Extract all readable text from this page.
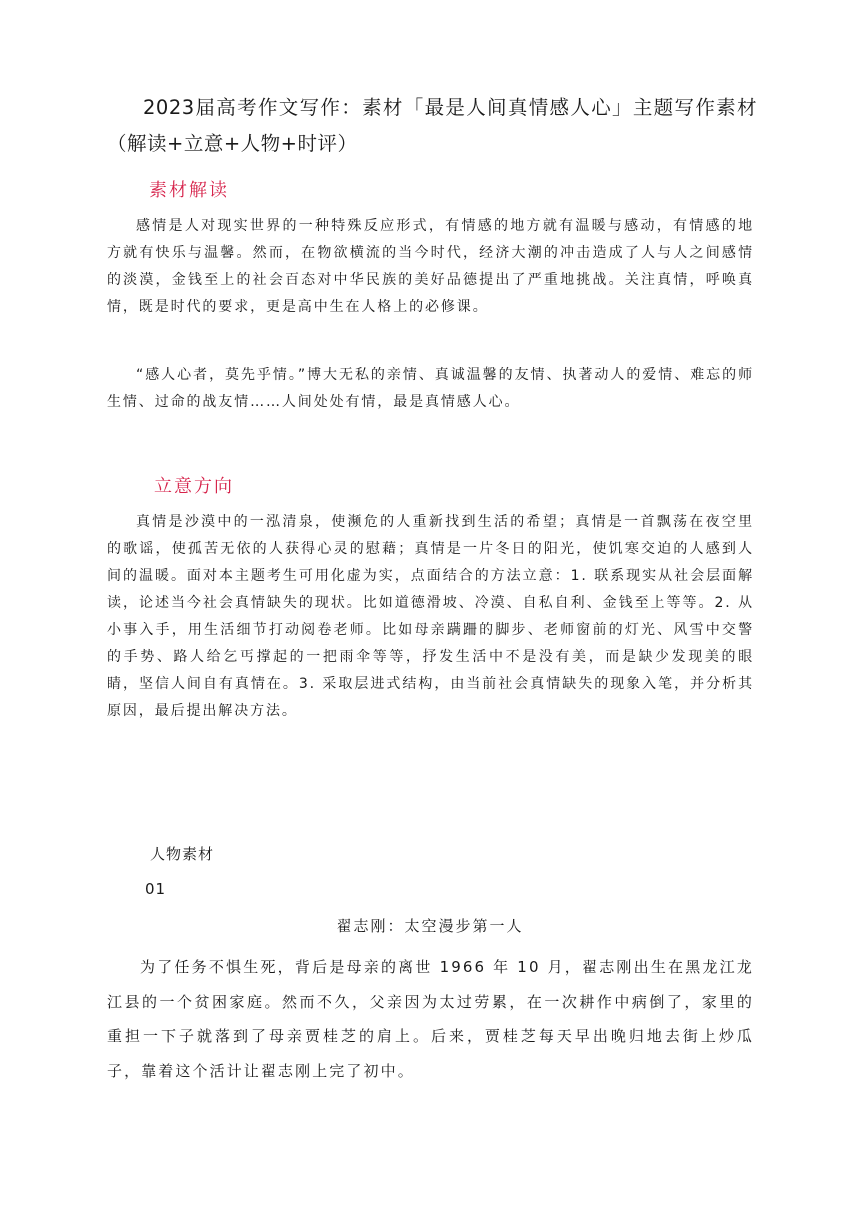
2023届高考作文写作：素材「最是人间真情感人心」主题写作素材（解读+立意+人物+时评）
素材解读

感情是人对现实世界的一种特殊反应形式，有情感的地方就有温暖与感动，有情感的地方就有快乐与温馨。然而，在物欲横流的当今时代，经济大潮的冲击造成了人与人之间感情的淡漠，金钱至上的社会百态对中华民族的美好品德提出了严重地挑战。关注真情，呼唤真情，既是时代的要求，更是高中生在人格上的必修课。

“感人心者，莫先乎情。”博大无私的亲情、真诚温馨的友情、执著动人的爱情、难忘的师生情、过命的战友情……人间处处有情，最是真情感人心。

立意方向

真情是沙漠中的一泓清泉，使濒危的人重新找到生活的希望；真情是一首飘荡在夜空里的歌谣，使孤苦无依的人获得心灵的慰藉；真情是一片冬日的阳光，使饥寒交迫的人感到人间的温暖。面对本主题考生可用化虚为实，点面结合的方法立意：1. 联系现实从社会层面解读，论述当今社会真情缺失的现状。比如道德滑坡、冷漠、自私自利、金钱至上等等。2. 从小事入手，用生活细节打动阅卷老师。比如母亲蹒跚的脚步、老师窗前的灯光、风雪中交警的手势、路人给乞丐撑起的一把雨伞等等，抒发生活中不是没有美，而是缺少发现美的眼睛，坚信人间自有真情在。3. 采取层进式结构，由当前社会真情缺失的现象入笔，并分析其原因，最后提出解决方法。

人物素材
01
翟志刚：太空漫步第一人

为了任务不惧生死，背后是母亲的离世 1966 年 10 月，翟志刚出生在黑龙江龙江县的一个贫困家庭。然而不久，父亲因为太过劳累，在一次耕作中病倒了，家里的重担一下子就落到了母亲贾桂芝的肩上。后来，贾桂芝每天早出晚归地去街上炒瓜子，靠着这个活计让翟志刚上完了初中。
